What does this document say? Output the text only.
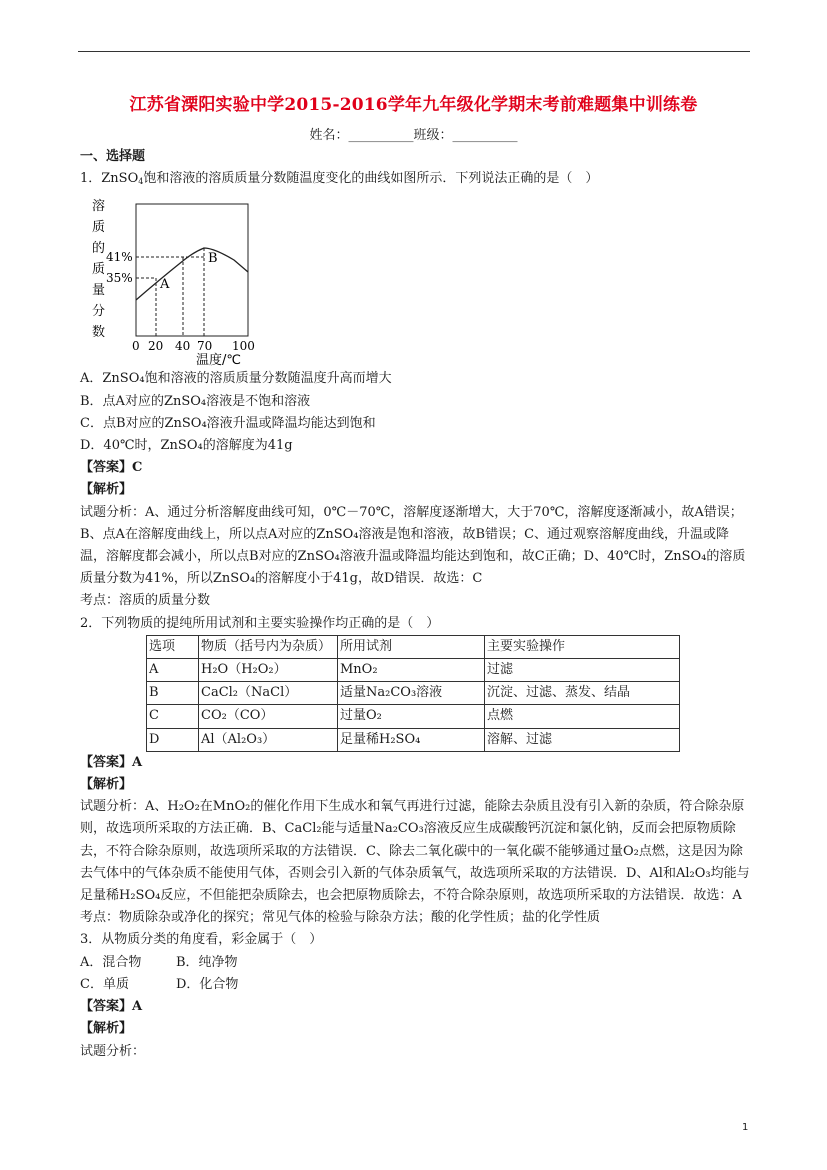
江苏省溧阳实验中学2015-2016学年九年级化学期末考前难题集中训练卷
姓名：__________班级：__________

一、选择题

1．ZnSO$_4$饱和溶液的溶质质量分数随温度变化的曲线如图所示．下列说法正确的是（　）

A
B
41%
35%
溶
质
的
质
量
分
数
0 20 40 70 100
温度/℃

A．ZnSO₄饱和溶液的溶质质量分数随温度升高而增大

B．点A对应的ZnSO₄溶液是不饱和溶液

C．点B对应的ZnSO₄溶液升温或降温均能达到饱和

D．40℃时，ZnSO₄的溶解度为41g

【答案】C

【解析】

试题分析：A、通过分析溶解度曲线可知，0℃－70℃，溶解度逐渐增大，大于70℃，溶解度逐渐减小，故A错误；B、点A在溶解度曲线上，所以点A对应的ZnSO₄溶液是饱和溶液，故B错误；C、通过观察溶解度曲线，升温或降温，溶解度都会减小，所以点B对应的ZnSO₄溶液升温或降温均能达到饱和，故C正确；D、40℃时，ZnSO₄的溶质质量分数为41%，所以ZnSO₄的溶解度小于41g，故D错误．故选：C

考点：溶质的质量分数

2．下列物质的提纯所用试剂和主要实验操作均正确的是（　）

选项	物质（括号内为杂质）	所用试剂	主要实验操作
A	H₂O（H₂O₂）	MnO₂	过滤
B	CaCl₂（NaCl）	适量Na₂CO₃溶液	沉淀、过滤、蒸发、结晶
C	CO₂（CO）	过量O₂	点燃
D	Al（Al₂O₃）	足量稀H₂SO₄	溶解、过滤

【答案】A

【解析】

试题分析：A、H₂O₂在MnO₂的催化作用下生成水和氧气再进行过滤，能除去杂质且没有引入新的杂质，符合除杂原则，故选项所采取的方法正确．B、CaCl₂能与适量Na₂CO₃溶液反应生成碳酸钙沉淀和氯化钠，反而会把原物质除去，不符合除杂原则，故选项所采取的方法错误．C、除去二氧化碳中的一氧化碳不能够通过量O₂点燃，这是因为除去气体中的气体杂质不能使用气体，否则会引入新的气体杂质氧气，故选项所采取的方法错误．D、Al和Al₂O₃均能与足量稀H₂SO₄反应，不但能把杂质除去，也会把原物质除去，不符合除杂原则，故选项所采取的方法错误．故选：A

考点：物质除杂或净化的探究；常见气体的检验与除杂方法；酸的化学性质；盐的化学性质

3．从物质分类的角度看，彩金属于（　）

A．混合物	B．纯净物

C．单质	D．化合物

【答案】A

【解析】

试题分析：

1
